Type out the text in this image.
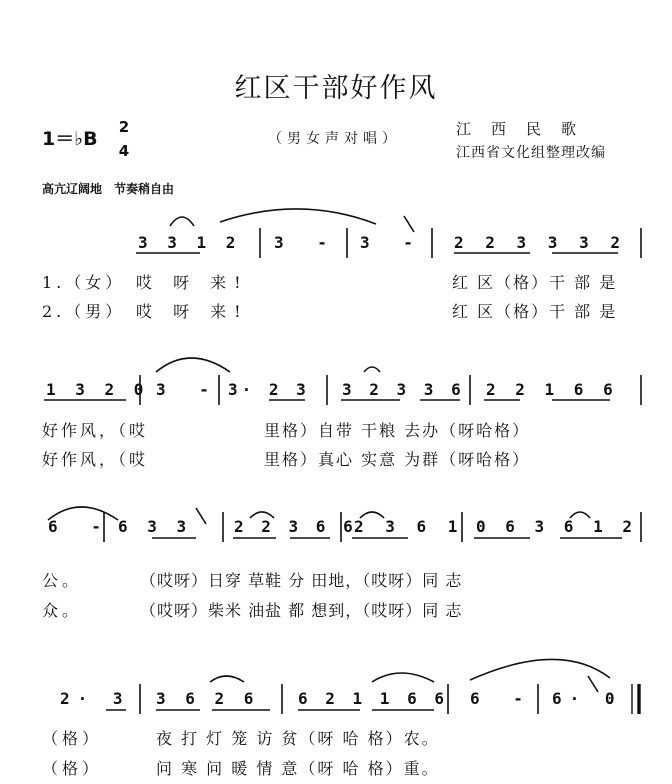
红区干部好作风
1＝♭B
2
4
（男女声对唱）
江西民歌
江西省文化组整理改编
高亢辽阔地　节奏稍自由
3 3 1 2 3 - 3 - 2 2 3 3 3 2
1.（女） 哎 呀 来!	红 区（格）干 部 是
2.（男） 哎 呀 来!	红 区（格）干 部 是
1 3 2 0 3 - 3· 2 3 3 2 3 3 6 2 2 1 6 6
好作风，（哎	里格）自带 干粮 去办（呀哈格）
好作风，（哎	里格）真心 实意 为群（呀哈格）
6 - 6 3 3	2 2 3 6 6
2 3 6 1 0 6 3 6 1 2
公。	（哎呀）日穿 草鞋 分 田地，（哎呀）同 志
众。	（哎呀）柴米 油盐 都 想到，（哎呀）同 志
2· 3 3 6 2 6 6 2 1 1 6 6 6 - 6· 0
（格）	夜 打 灯 笼 访 贫（呀 哈 格）农。
（格）	问 寒 问 暖 情 意（呀 哈 格）重。
